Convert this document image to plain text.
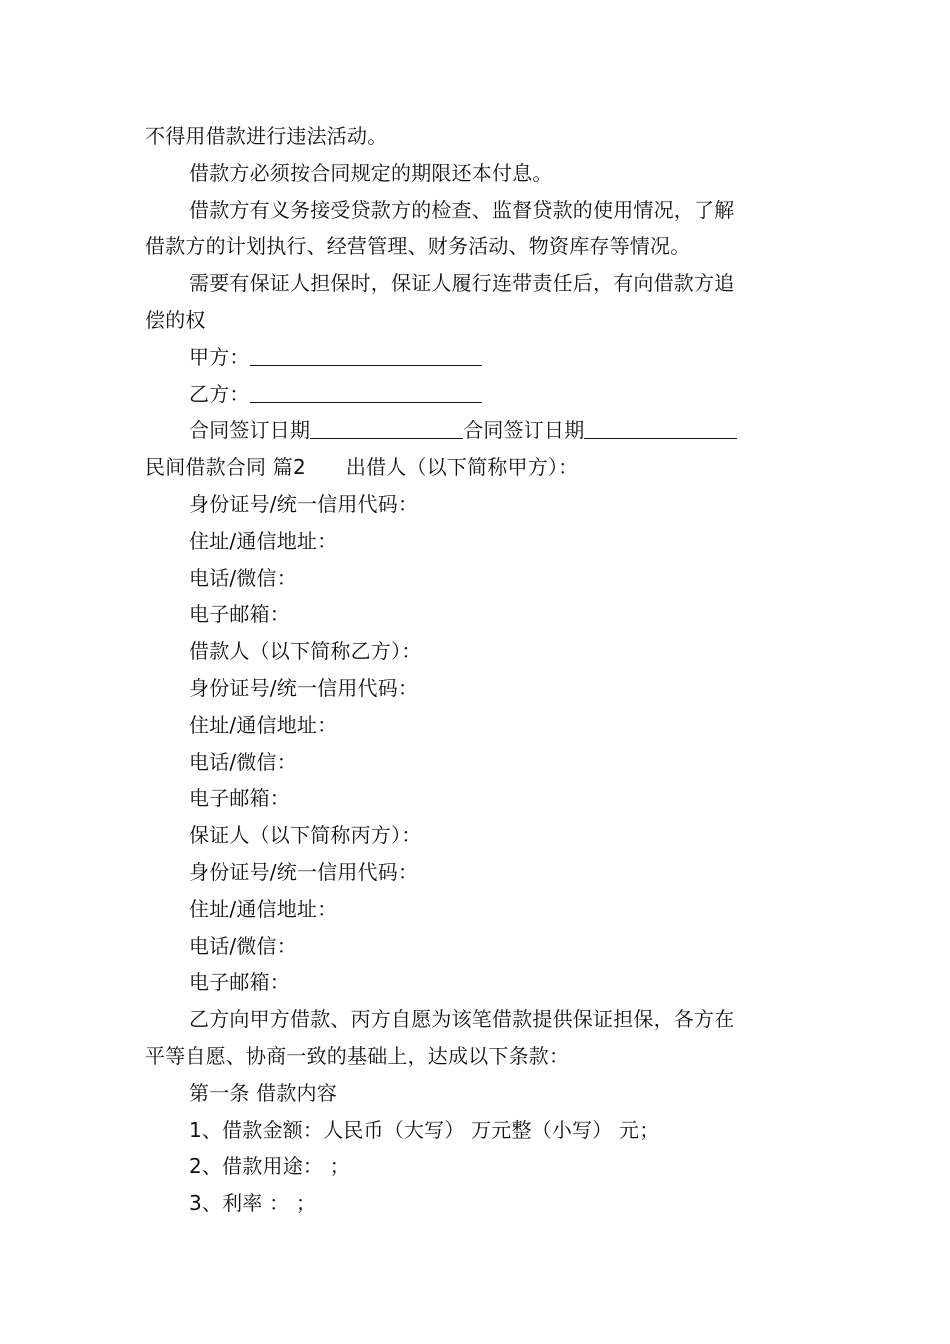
不得用借款进行违法活动。

借款方必须按合同规定的期限还本付息。

借款方有义务接受贷款方的检查、监督贷款的使用情况，了解

借款方的计划执行、经营管理、财务活动、物资库存等情况。

需要有保证人担保时，保证人履行连带责任后，有向借款方追

偿的权

甲方：

乙方：

合同签订日期	合同签订日期

民间借款合同 篇2 出借人（以下简称甲方）：

身份证号/统一信用代码：

住址/通信地址：

电话/微信：

电子邮箱：

借款人（以下简称乙方）：

身份证号/统一信用代码：

住址/通信地址：

电话/微信：

电子邮箱：

保证人（以下简称丙方）：

身份证号/统一信用代码：

住址/通信地址：

电话/微信：

电子邮箱：

乙方向甲方借款、丙方自愿为该笔借款提供保证担保，各方在

平等自愿、协商一致的基础上，达成以下条款：

第一条 借款内容

1、借款金额：人民币（大写） 万元整（小写） 元；

2、借款用途： ；

3、利率 ： ；
